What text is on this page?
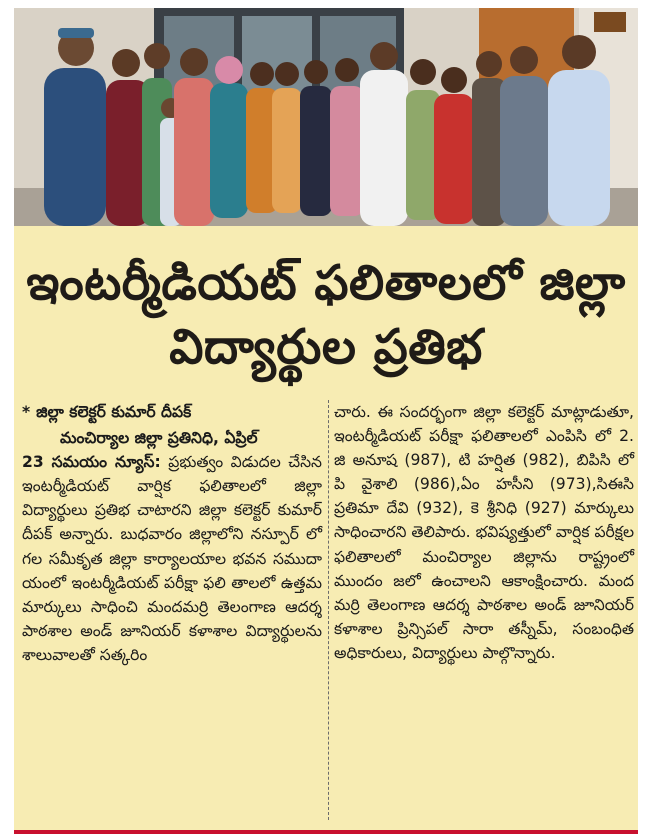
ఇంటర్మీడియట్ ఫలితాలలో జిల్లా
విద్యార్థుల ప్రతిభ
* జిల్లా కలెక్టర్ కుమార్ దీపక్
మంచిర్యాల జిల్లా ప్రతినిధి, ఏప్రిల్
23 సమయం న్యూస్: ప్రభుత్వం విడుదల చేసిన ఇంటర్మీడియట్ వార్షిక ఫలితాలలో జిల్లా విద్యార్థులు ప్రతిభ చాటారని జిల్లా కలెక్టర్ కుమార్ దీపక్ అన్నారు. బుధవారం జిల్లాలోని నస్పూర్ లో గల సమీకృత జిల్లా కార్యాలయాల భవన సముదా యంలో ఇంటర్మీడియట్ పరీక్షా ఫలి తాలలో ఉత్తమ మార్కులు సాధించి మందమర్రి తెలంగాణ ఆదర్శ పాఠశాల అండ్ జూనియర్ కళాశాల విద్యార్థులను శాలువాలతో సత్కరిం
చారు. ఈ సందర్భంగా జిల్లా కలెక్టర్ మాట్లాడుతూ, ఇంటర్మీడియట్ పరీక్షా ఫలితాలలో ఎంపిసి లో 2. జి అనూష (987), టి హర్షిత (982), బిపిసి లో పి వైశాలి (986),ఏం హసీని (973),సిఈసి ప్రతిమా దేవి (932), కె శ్రీనిధి (927) మార్కులు సాధించారని తెలిపారు. భవిష్యత్తులో వార్షిక పరీక్షల ఫలితాలలో మంచిర్యాల జిల్లాను రాష్ట్రంలో ముందం జలో ఉంచాలని ఆకాంక్షించారు. మంద మర్రి తెలంగాణ ఆదర్శ పాఠశాల అండ్ జూనియర్ కళాశాల ప్రిన్సిపల్ సారా తస్నీమ్, సంబంధిత అధికారులు, విద్యార్థులు పాల్గొన్నారు.
